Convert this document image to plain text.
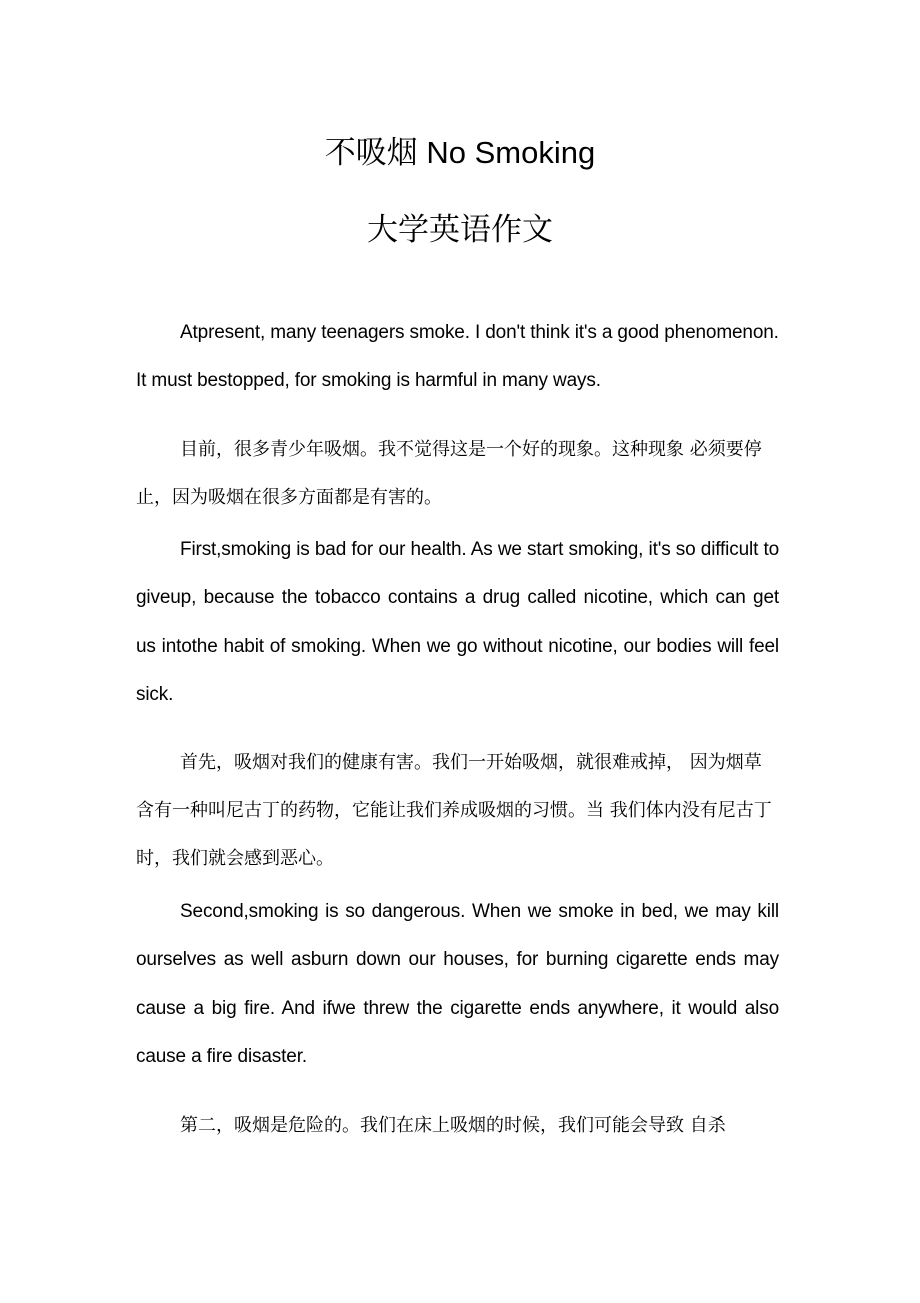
不吸烟 No Smoking
大学英语作文

Atpresent, many teenagers smoke. I don't think it's a good phenomenon. It must bestopped, for smoking is harmful in many ways.

目前，很多青少年吸烟。我不觉得这是一个好的现象。这种现象 必须要停止，因为吸烟在很多方面都是有害的。

First,smoking is bad for our health. As we start smoking, it's so difficult to giveup, because the tobacco contains a drug called nicotine, which can get us intothe habit of smoking. When we go without nicotine, our bodies will feel sick.

首先，吸烟对我们的健康有害。我们一开始吸烟，就很难戒掉， 因为烟草含有一种叫尼古丁的药物，它能让我们养成吸烟的习惯。当 我们体内没有尼古丁时，我们就会感到恶心。

Second,smoking is so dangerous. When we smoke in bed, we may kill ourselves as well asburn down our houses, for burning cigarette ends may cause a big fire. And ifwe threw the cigarette ends anywhere, it would also cause a fire disaster.

第二，吸烟是危险的。我们在床上吸烟的时候，我们可能会导致 自杀
